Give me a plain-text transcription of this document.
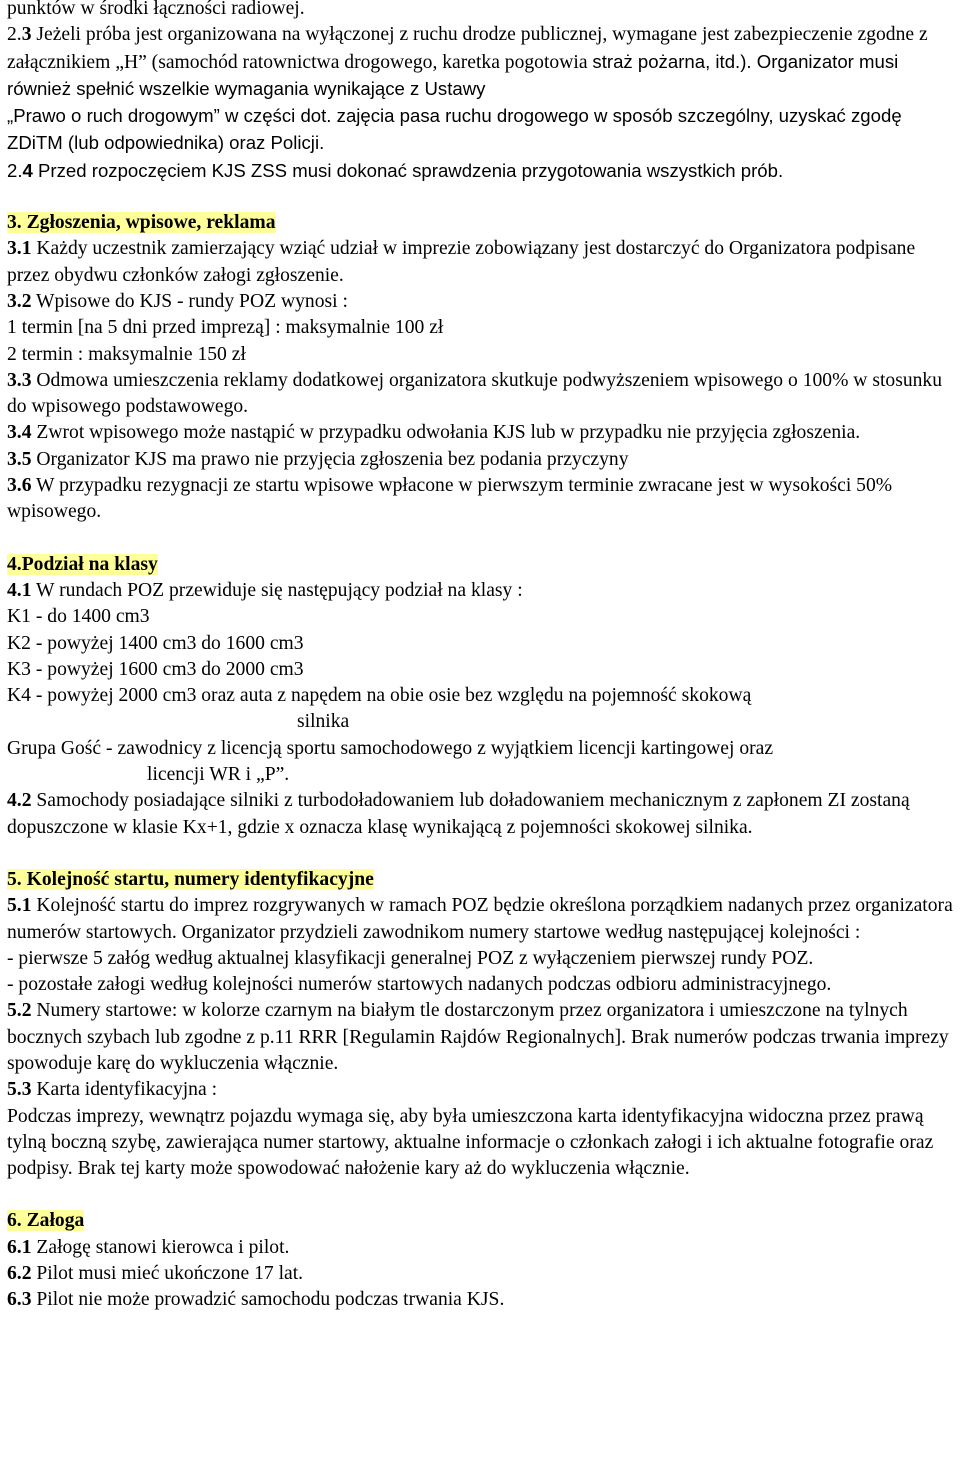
punktów w środki łączności radiowej.

2.3 Jeżeli próba jest organizowana na wyłączonej z ruchu drodze publicznej, wymagane jest zabezpieczenie zgodne z załącznikiem „H” (samochód ratownictwa drogowego, karetka pogotowia straż pożarna, itd.). Organizator musi również spełnić wszelkie wymagania wynikające z Ustawy
„Prawo o ruch drogowym” w części dot. zajęcia pasa ruchu drogowego w sposób szczególny, uzyskać zgodę ZDiTM (lub odpowiednika) oraz Policji.

2.4 Przed rozpoczęciem KJS ZSS musi dokonać sprawdzenia przygotowania wszystkich prób.

3. Zgłoszenia, wpisowe, reklama

3.1 Każdy uczestnik zamierzający wziąć udział w imprezie zobowiązany jest dostarczyć do Organizatora podpisane przez obydwu członków załogi zgłoszenie.

3.2 Wpisowe do KJS - rundy POZ wynosi :

1 termin [na 5 dni przed imprezą] : maksymalnie 100 zł

2 termin : maksymalnie 150 zł

3.3 Odmowa umieszczenia reklamy dodatkowej organizatora skutkuje podwyższeniem wpisowego o 100% w stosunku do wpisowego podstawowego.

3.4 Zwrot wpisowego może nastąpić w przypadku odwołania KJS lub w przypadku nie przyjęcia zgłoszenia.

3.5 Organizator KJS ma prawo nie przyjęcia zgłoszenia bez podania przyczyny

3.6 W przypadku rezygnacji ze startu wpisowe wpłacone w pierwszym terminie zwracane jest w wysokości 50% wpisowego.

4.Podział na klasy

4.1 W rundach POZ przewiduje się następujący podział na klasy :

K1 - do 1400 cm3

K2 - powyżej 1400 cm3 do 1600 cm3

K3 - powyżej 1600 cm3 do 2000 cm3

K4 - powyżej 2000 cm3 oraz auta z napędem na obie osie bez względu na pojemność skokową

silnika

Grupa Gość - zawodnicy z licencją sportu samochodowego z wyjątkiem licencji kartingowej oraz

licencji WR i „P”.

4.2 Samochody posiadające silniki z turbodoładowaniem lub doładowaniem mechanicznym z zapłonem ZI zostaną dopuszczone w klasie Kx+1, gdzie x oznacza klasę wynikającą z pojemności skokowej silnika.

5. Kolejność startu, numery identyfikacyjne

5.1 Kolejność startu do imprez rozgrywanych w ramach POZ będzie określona porządkiem nadanych przez organizatora numerów startowych. Organizator przydzieli zawodnikom numery startowe według następującej kolejności :

- pierwsze 5 załóg według aktualnej klasyfikacji generalnej POZ z wyłączeniem pierwszej rundy POZ.

- pozostałe załogi według kolejności numerów startowych nadanych podczas odbioru administracyjnego.

5.2 Numery startowe: w kolorze czarnym na białym tle dostarczonym przez organizatora i umieszczone na tylnych bocznych szybach lub zgodne z p.11 RRR [Regulamin Rajdów Regionalnych]. Brak numerów podczas trwania imprezy spowoduje karę do wykluczenia włącznie.

5.3 Karta identyfikacyjna :

Podczas imprezy, wewnątrz pojazdu wymaga się, aby była umieszczona karta identyfikacyjna widoczna przez prawą tylną boczną szybę, zawierająca numer startowy, aktualne informacje o członkach załogi i ich aktualne fotografie oraz podpisy. Brak tej karty może spowodować nałożenie kary aż do wykluczenia włącznie.

6. Załoga

6.1 Załogę stanowi kierowca i pilot.

6.2 Pilot musi mieć ukończone 17 lat.

6.3 Pilot nie może prowadzić samochodu podczas trwania KJS.
